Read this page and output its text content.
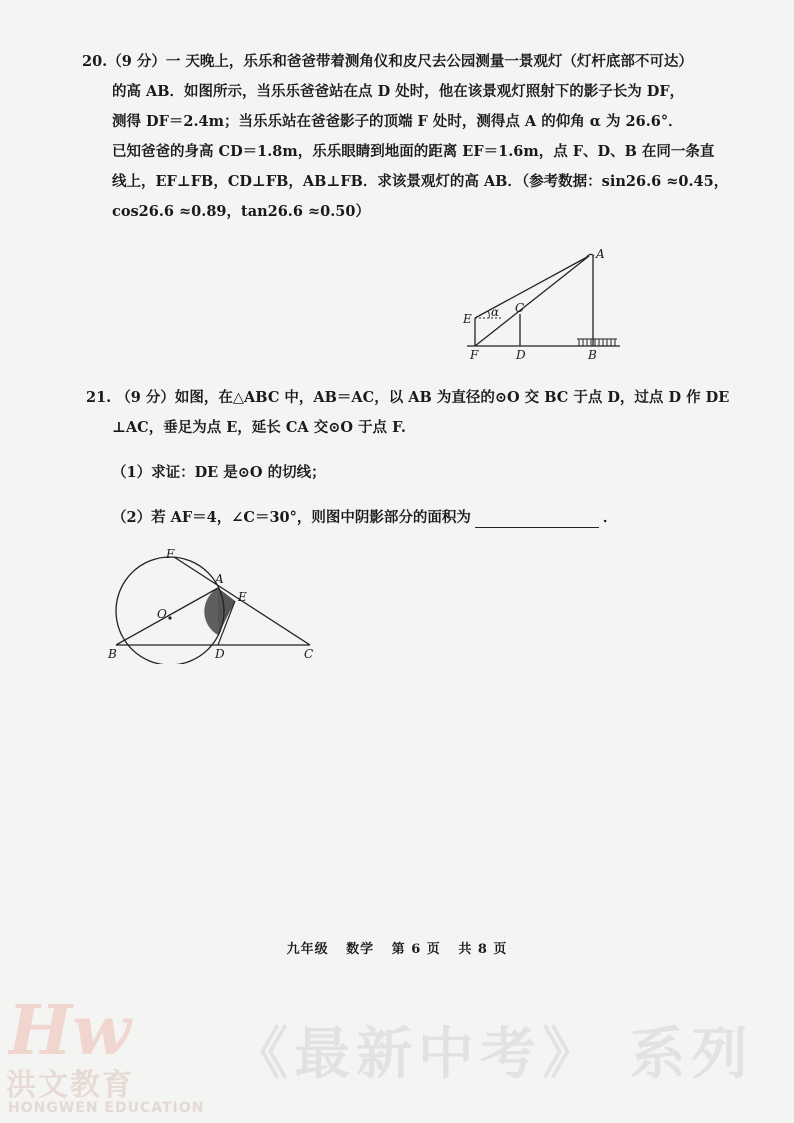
20.（9 分）一 天晚上，乐乐和爸爸带着测角仪和皮尺去公园测量一景观灯（灯杆底部不可达）
的高 AB．如图所示，当乐乐爸爸站在点 D 处时，他在该景观灯照射下的影子长为 DF，
测得 DF＝2.4m；当乐乐站在爸爸影子的顶端 F 处时，测得点 A 的仰角 α 为 26.6°．
已知爸爸的身高 CD＝1.8m，乐乐眼睛到地面的距离 EF＝1.6m，点 F、D、B 在同一条直
线上，EF⊥FB，CD⊥FB，AB⊥FB．求该景观灯的高 AB．（参考数据：sin26.6 ≈0.45，
cos26.6 ≈0.89，tan26.6 ≈0.50）
α
A
B
C
D
E
F
21. （9 分）如图，在△ABC 中，AB＝AC，以 AB 为直径的⊙O 交 BC 于点 D，过点 D 作 DE
⊥AC，垂足为点 E，延长 CA 交⊙O 于点 F.
（1）求证：DE 是⊙O 的切线；
（2）若 AF＝4，∠C＝30°，则图中阴影部分的面积为	．
F
A
E
O
B	D	C
九年级 数学 第 6 页 共 8 页
Hw
洪文教育
HONGWEN EDUCATION
《最新中考》 系列
